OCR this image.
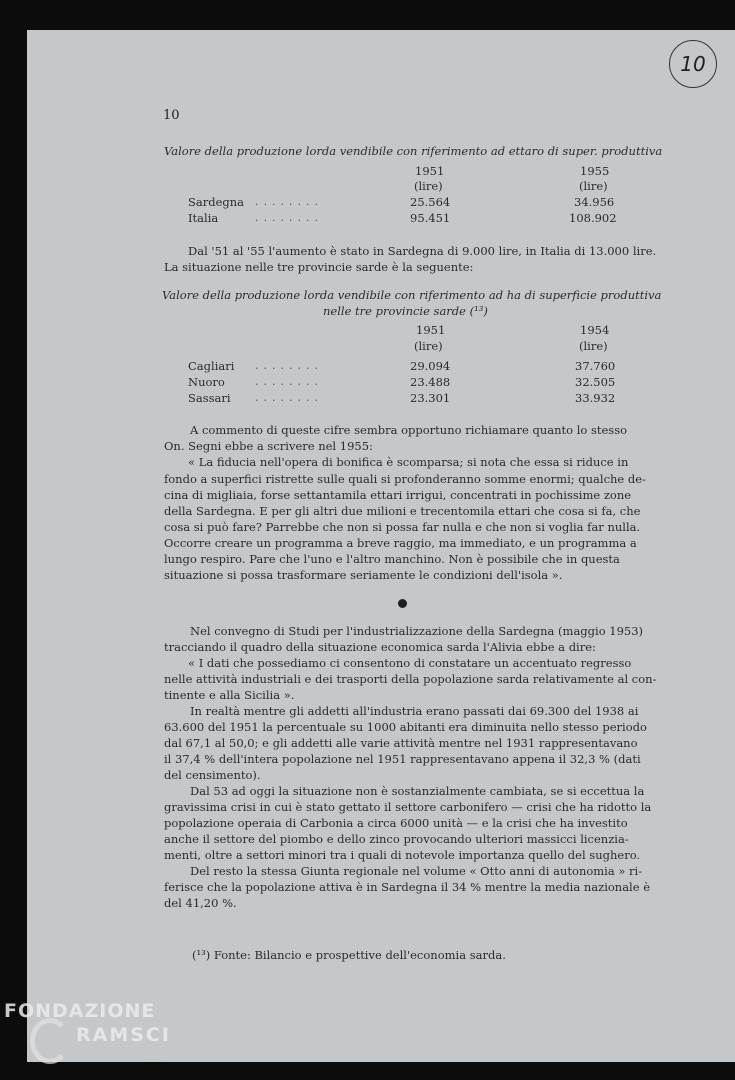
10
10
Valore della produzione lorda vendibile con riferimento ad ettaro di super. produttiva
1951	1955
(lire)	(lire)
Sardegna ........	25.564	34.956
Italia	........	95.451	108.902
Dal '51 al '55 l'aumento è stato in Sardegna di 9.000 lire, in Italia di 13.000 lire.
La situazione nelle tre provincie sarde è la seguente:
Valore della produzione lorda vendibile con riferimento ad ha di superficie produttiva
nelle tre provincie sarde (¹³)
1951	1954
(lire)	(lire)
Cagliari ........	29.094	37.760
Nuoro	........	23.488	32.505
Sassari ........	23.301	33.932
A commento di queste cifre sembra opportuno richiamare quanto lo stesso
On. Segni ebbe a scrivere nel 1955:
« La fiducia nell'opera di bonifica è scomparsa; si nota che essa si riduce in
fondo a superfici ristrette sulle quali si profonderanno somme enormi; qualche de-
cina di migliaia, forse settantamila ettari irrigui, concentrati in pochissime zone
della Sardegna. E per gli altri due milioni e trecentomila ettari che cosa si fa, che
cosa si può fare? Parrebbe che non si possa far nulla e che non si voglia far nulla.
Occorre creare un programma a breve raggio, ma immediato, e un programma a
lungo respiro. Pare che l'uno e l'altro manchino. Non è possibile che in questa
situazione si possa trasformare seriamente le condizioni dell'isola ».
Nel convegno di Studi per l'industrializzazione della Sardegna (maggio 1953)
tracciando il quadro della situazione economica sarda l'Alivia ebbe a dire:
« I dati che possediamo ci consentono di constatare un accentuato regresso
nelle attività industriali e dei trasporti della popolazione sarda relativamente al con-
tinente e alla Sicilia ».
In realtà mentre gli addetti all'industria erano passati dai 69.300 del 1938 ai
63.600 del 1951 la percentuale su 1000 abitanti era diminuita nello stesso periodo
dal 67,1 al 50,0; e gli addetti alle varie attività mentre nel 1931 rappresentavano
il 37,4 % dell'intera popolazione nel 1951 rappresentavano appena il 32,3 % (dati
del censimento).
Dal 53 ad oggi la situazione non è sostanzialmente cambiata, se si eccettua la
gravissima crisi in cui è stato gettato il settore carbonifero — crisi che ha ridotto la
popolazione operaia di Carbonia a circa 6000 unità — e la crisi che ha investito
anche il settore del piombo e dello zinco provocando ulteriori massicci licenzia-
menti, oltre a settori minori tra i quali di notevole importanza quello del sughero.
Del resto la stessa Giunta regionale nel volume « Otto anni di autonomia » ri-
ferisce che la popolazione attiva è in Sardegna il 34 % mentre la media nazionale è
del 41,20 %.
(¹³) Fonte: Bilancio e prospettive dell'economia sarda.
FONDAZIONE
RAMSCI
onlus
